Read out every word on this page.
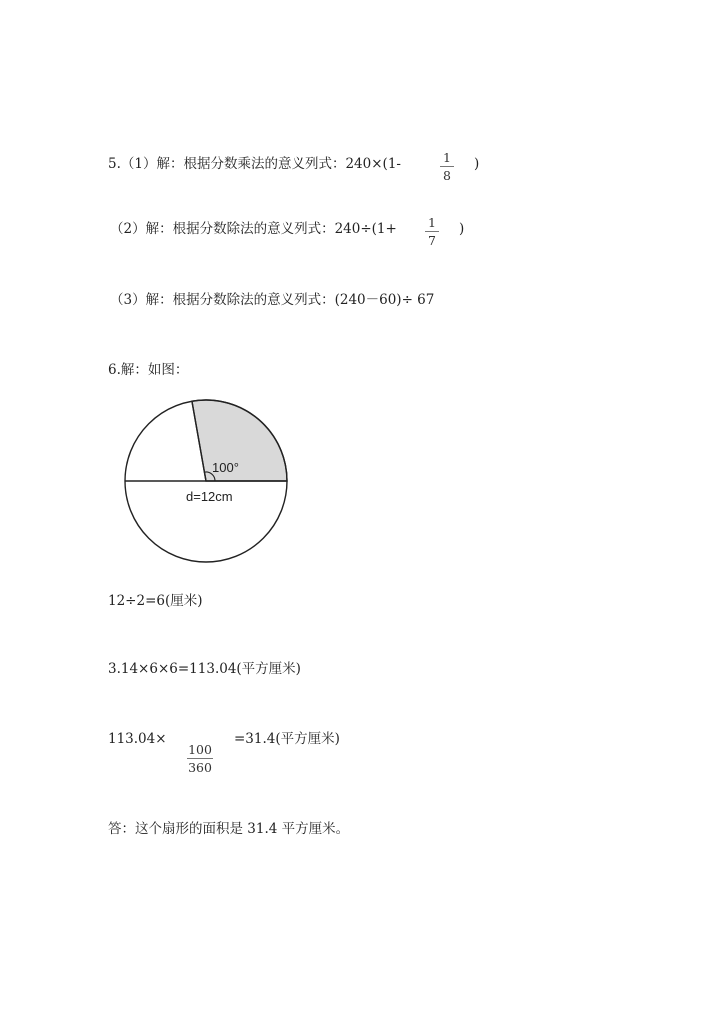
5.（1）解：根据分数乘法的意义列式：240×(1-	1
8
)
（2）解：根据分数除法的意义列式：240÷(1+ 1
7
)
（3）解：根据分数除法的意义列式：(240－60)÷ 67
6.解：如图：
100°
d=12cm
12÷2=6(厘米)
3.14×6×6=113.04(平方厘米)
113.04×
100
360
=31.4(平方厘米)
答：这个扇形的面积是 31.4 平方厘米。
